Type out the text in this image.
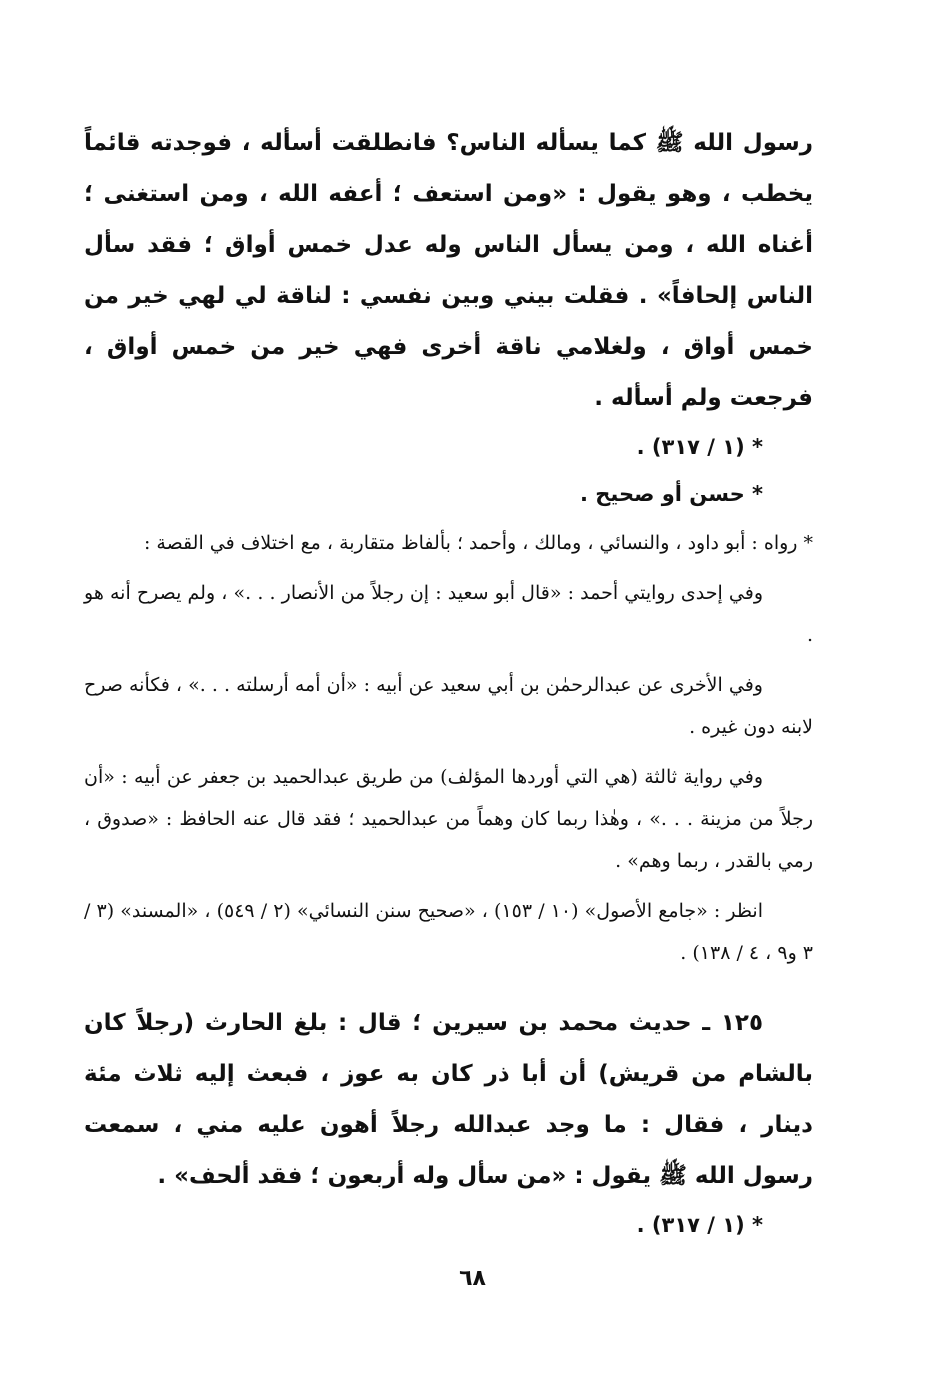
رسول الله ﷺ كما يسأله الناس؟ فانطلقت أسأله ، فوجدته قائماً يخطب ، وهو يقول : «ومن استعف ؛ أعفه الله ، ومن استغنى ؛ أغناه الله ، ومن يسأل الناس وله عدل خمس أواق ؛ فقد سأل الناس إلحافاً» . فقلت بيني وبين نفسي : لناقة لي لهي خير من خمس أواق ، ولغلامي ناقة أخرى فهي خير من خمس أواق ، فرجعت ولم أسأله .

* (١ / ٣١٧) .

* حسن أو صحيح .

* رواه : أبو داود ، والنسائي ، ومالك ، وأحمد ؛ بألفاظ متقاربة ، مع اختلاف في القصة :

وفي إحدى روايتي أحمد : «قال أبو سعيد : إن رجلاً من الأنصار . . .» ، ولم يصرح أنه هو .

وفي الأخرى عن عبدالرحمٰن بن أبي سعيد عن أبيه : «أن أمه أرسلته . . .» ، فكأنه صرح لابنه دون غيره .

وفي رواية ثالثة (هي التي أوردها المؤلف) من طريق عبدالحميد بن جعفر عن أبيه : «أن رجلاً من مزينة . . .» ، وهٰذا ربما كان وهماً من عبدالحميد ؛ فقد قال عنه الحافظ : «صدوق ، رمي بالقدر ، ربما وهم» .

انظر : «جامع الأصول» (١٠ / ١٥٣) ، «صحيح سنن النسائي» (٢ / ٥٤٩) ، «المسند» (٣ / ٣ و٩ ، ٤ / ١٣٨) .

١٢٥ ـ حديث محمد بن سيرين ؛ قال : بلغ الحارث (رجلاً كان بالشام من قريش) أن أبا ذر كان به عوز ، فبعث إليه ثلاث مئة دينار ، فقال : ما وجد عبدالله رجلاً أهون عليه مني ، سمعت رسول الله ﷺ يقول : «من سأل وله أربعون ؛ فقد ألحف» .

* (١ / ٣١٧) .

٦٨
